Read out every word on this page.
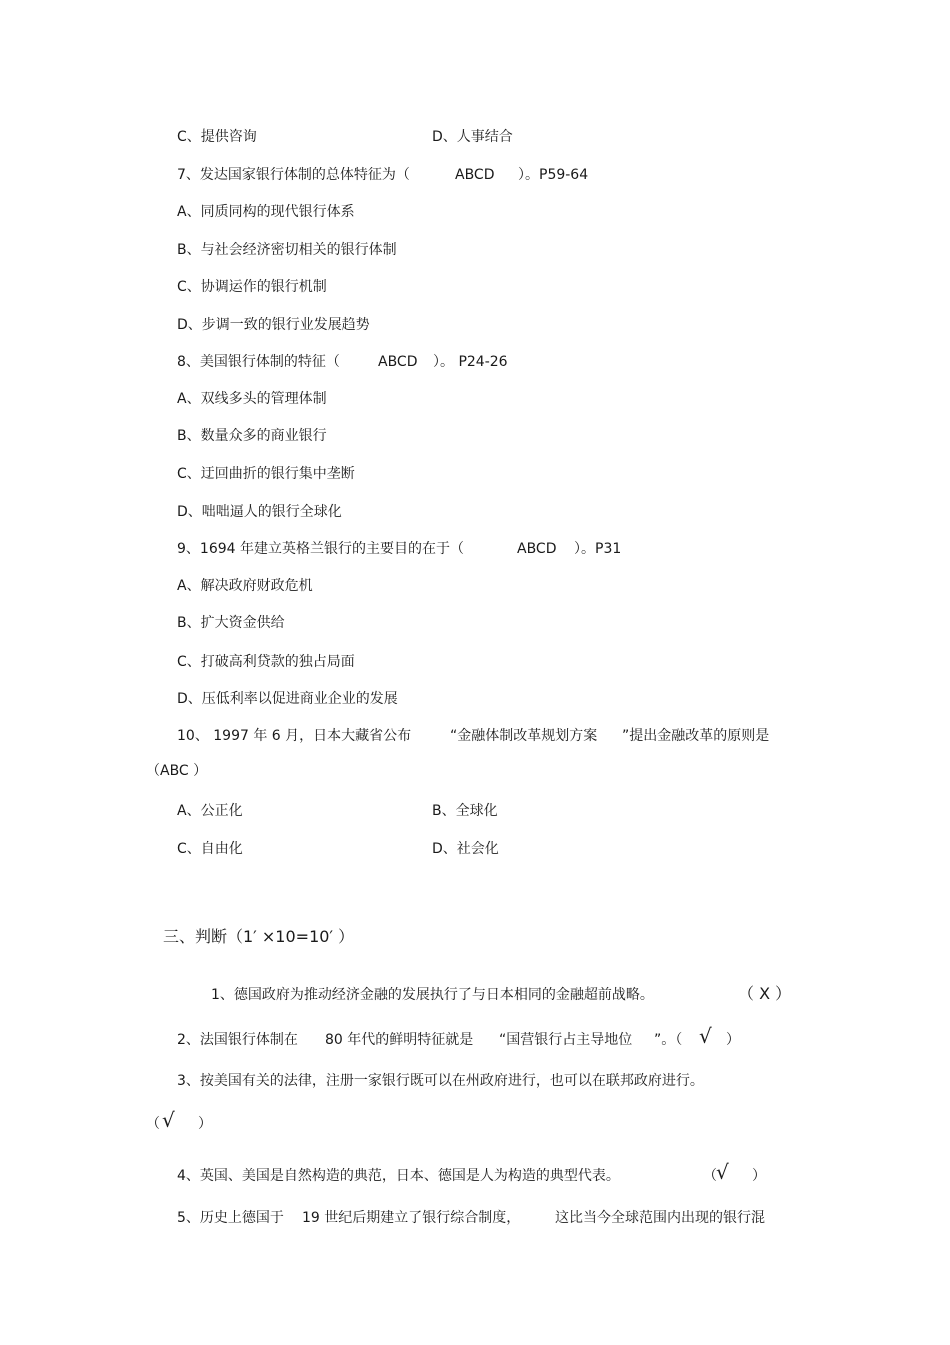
C、提供咨询	D、人事结合
7、发达国家银行体制的总体特征为（	ABCD ）。P59-64
A、同质同构的现代银行体系
B、与社会经济密切相关的银行体制
C、协调运作的银行机制
D、步调一致的银行业发展趋势
8、美国银行体制的特征（	ABCD ）。 P24-26
A、双线多头的管理体制
B、数量众多的商业银行
C、迂回曲折的银行集中垄断
D、咄咄逼人的银行全球化
9、1694 年建立英格兰银行的主要目的在于（	ABCD ）。P31
A、解决政府财政危机
B、扩大资金供给
C、打破高利贷款的独占局面
D、压低利率以促进商业企业的发展
10、 1997 年 6 月，日本大藏省公布	“金融体制改革规划方案 ”提出金融改革的原则是
（ABC ）
A、公正化	B、全球化
C、自由化	D、社会化
三、判断（1′ ×10=10′ ）
1、德国政府为推动经济金融的发展执行了与日本相同的金融超前战略。	（ X ）
2、法国银行体制在 80 年代的鲜明特征就是 “国营银行占主导地位 ”。（ √ ）
3、按美国有关的法律，注册一家银行既可以在州政府进行，也可以在联邦政府进行。
（ √ ）
4、英国、美国是自然构造的典范，日本、德国是人为构造的典型代表。	（ √ ）
5、历史上德国于 19 世纪后期建立了银行综合制度， 这比当今全球范围内出现的银行混
